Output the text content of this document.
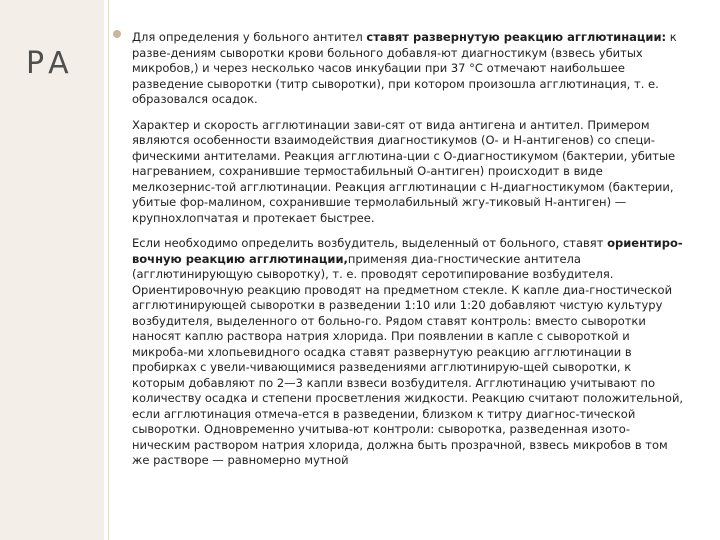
РА

Для определения у больного антител ставят развернутую реакцию агглютинации: к разве-дениям сыворотки крови больного добавля-ют диагностикум (взвесь убитых микробов,) и через несколько часов инкубации при 37 °С отмечают наибольшее разведение сыворотки (титр сыворотки), при котором произошла агглютинация, т. е. образовался осадок.

Характер и скорость агглютинации зави-сят от вида антигена и антител. Примером являются особенности взаимодействия диагностикумов (О- и Н-антигенов) со специ-фическими антителами. Реакция агглютина-ции с О-диагностикумом (бактерии, убитые нагреванием, сохранившие термостабильный О-антиген) происходит в виде мелкозернис-той агглютинации. Реакция агглютинации с Н-диагностикумом (бактерии, убитые фор-малином, сохранившие термолабильный жгу-тиковый Н-антиген) — крупнохлопчатая и протекает быстрее.

Если необходимо определить возбудитель, выделенный от больного, ставят ориентиро-вочную реакцию агглютинации,применяя диа-гностические антитела (агглютинирующую сыворотку), т. е. проводят серотипирование возбудителя. Ориентировочную реакцию проводят на предметном стекле. К капле диа-гностической агглютинирующей сыворотки в разведении 1:10 или 1:20 добавляют чистую культуру возбудителя, выделенного от больно-го. Рядом ставят контроль: вместо сыворотки наносят каплю раствора натрия хлорида. При появлении в капле с сывороткой и микроба-ми хлопьевидного осадка ставят развернутую реакцию агглютинации в пробирках с увели-чивающимися разведениями агглютинирую-щей сыворотки, к которым добавляют по 2—3 капли взвеси возбудителя. Агглютинацию учитывают по количеству осадка и степени просветления жидкости. Реакцию считают положительной, если агглютинация отмеча-ется в разведении, близком к титру диагнос-тической сыворотки. Одновременно учитыва-ют контроли: сыворотка, разведенная изото-ническим раствором натрия хлорида, должна быть прозрачной, взвесь микробов в том же растворе — равномерно мутной
